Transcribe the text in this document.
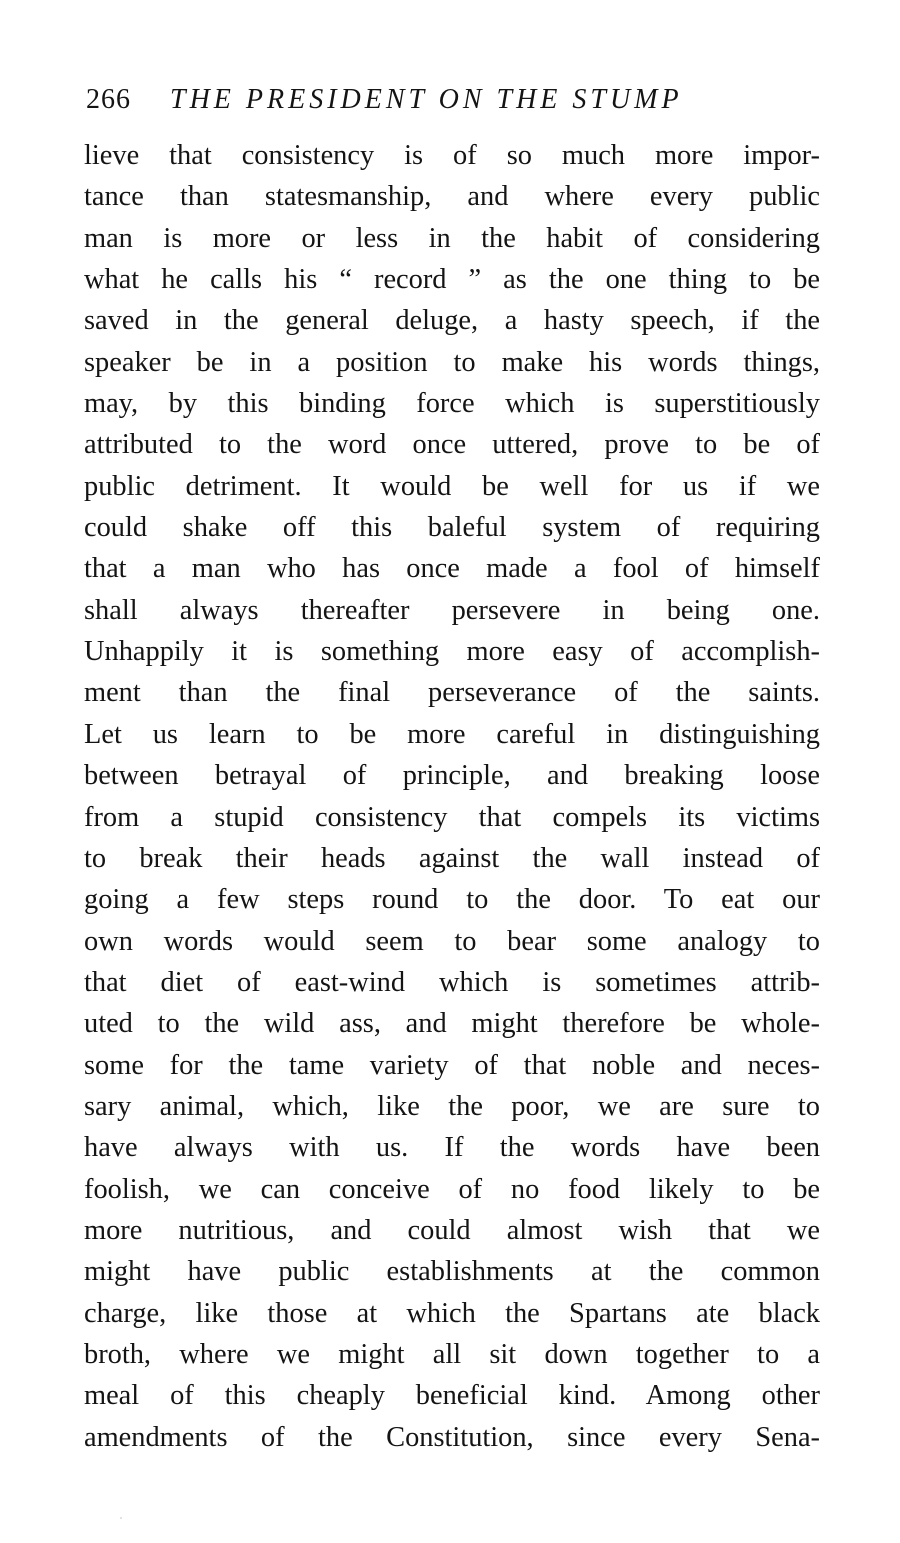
266 THE PRESIDENT ON THE STUMP
lieve that consistency is of so much more impor-
tance than statesmanship, and where every public
man is more or less in the habit of considering
what he calls his “ record ” as the one thing to be
saved in the general deluge, a hasty speech, if the
speaker be in a position to make his words things,
may, by this binding force which is superstitiously
attributed to the word once uttered, prove to be of
public detriment. It would be well for us if we
could shake off this baleful system of requiring
that a man who has once made a fool of himself
shall always thereafter persevere in being one.
Unhappily it is something more easy of accomplish-
ment than the final perseverance of the saints.
Let us learn to be more careful in distinguishing
between betrayal of principle, and breaking loose
from a stupid consistency that compels its victims
to break their heads against the wall instead of
going a few steps round to the door. To eat our
own words would seem to bear some analogy to
that diet of east-wind which is sometimes attrib-
uted to the wild ass, and might therefore be whole-
some for the tame variety of that noble and neces-
sary animal, which, like the poor, we are sure to
have always with us. If the words have been
foolish, we can conceive of no food likely to be
more nutritious, and could almost wish that we
might have public establishments at the common
charge, like those at which the Spartans ate black
broth, where we might all sit down together to a
meal of this cheaply beneficial kind. Among other
amendments of the Constitution, since every Sena-
